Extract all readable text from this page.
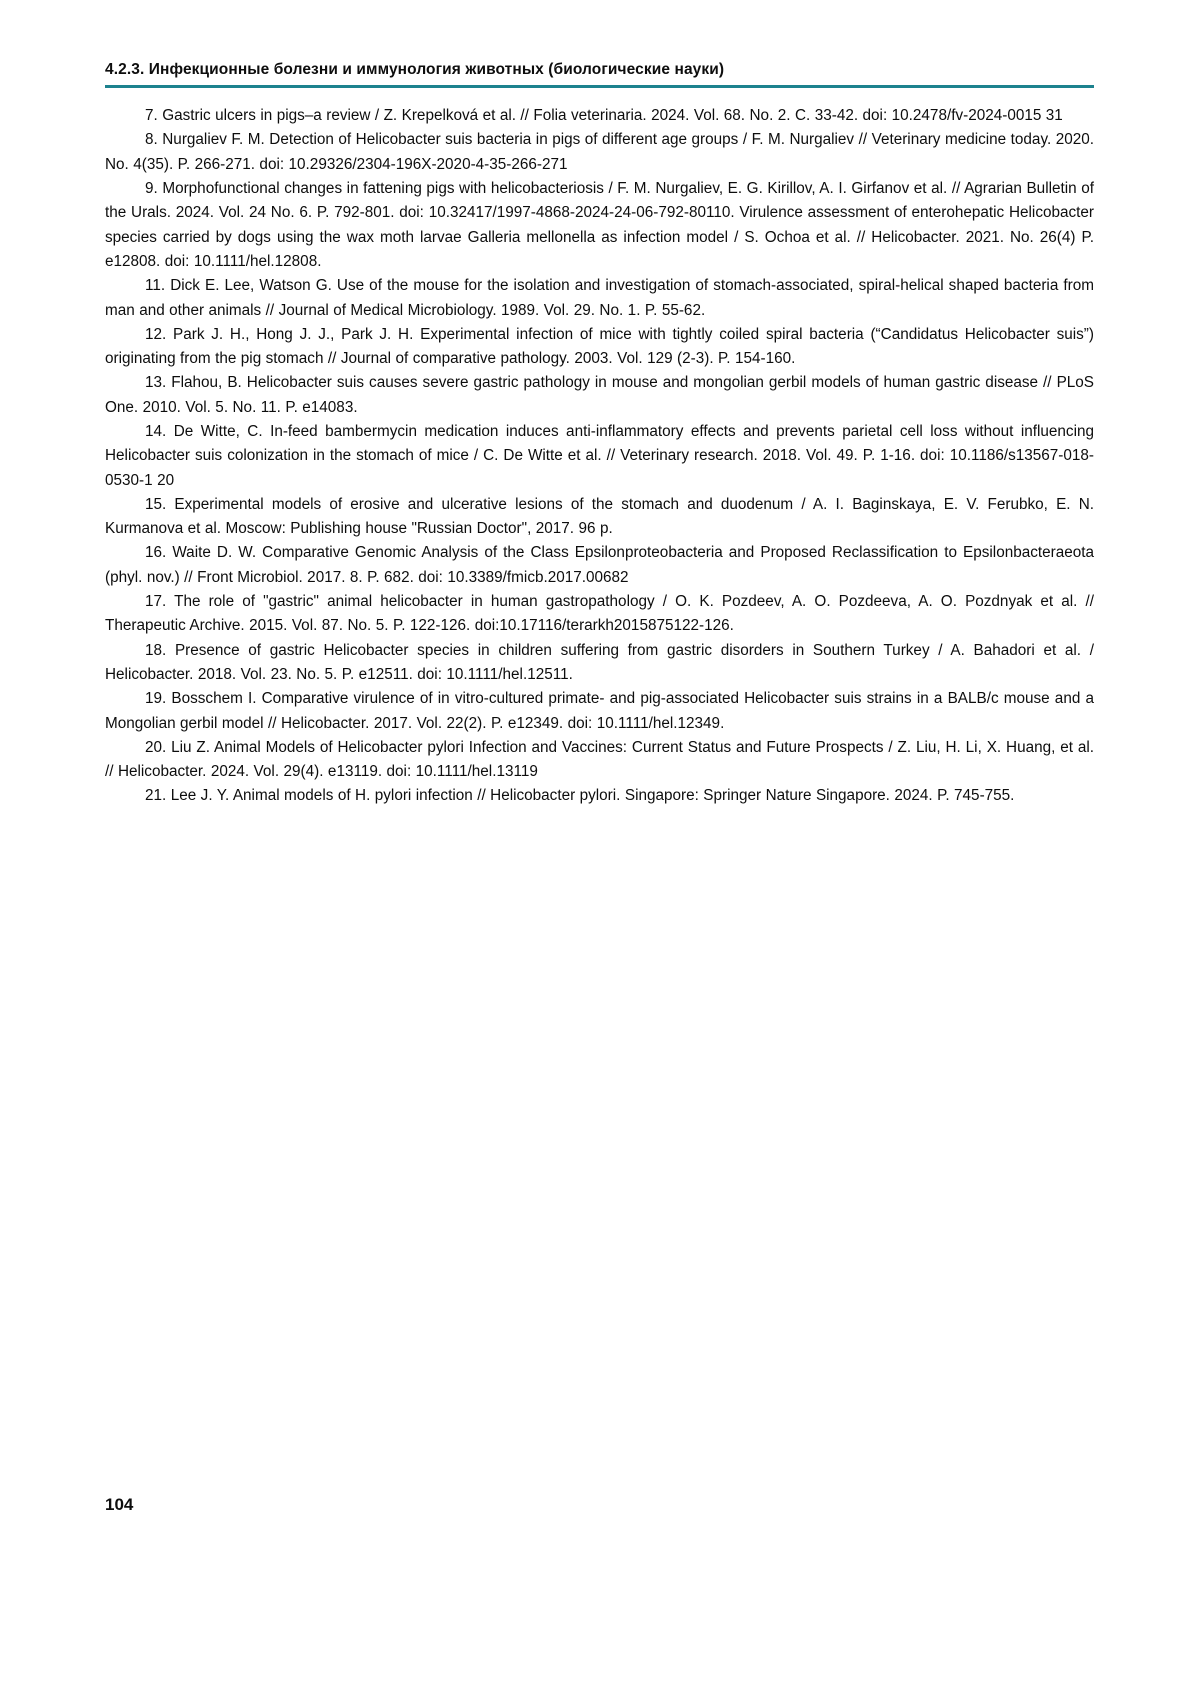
4.2.3. Инфекционные болезни и иммунология животных (биологические науки)

7. Gastric ulcers in pigs–a review / Z. Krepelková et al. // Folia veterinaria. 2024. Vol. 68. No. 2. C. 33-42. doi: 10.2478/fv-2024-0015 31

8. Nurgaliev F. M. Detection of Helicobacter suis bacteria in pigs of different age groups / F. M. Nurgaliev // Veterinary medicine today. 2020. No. 4(35). P. 266-271. doi: 10.29326/2304-196X-2020-4-35-266-271

9. Morphofunctional changes in fattening pigs with helicobacteriosis / F. M. Nurgaliev, E. G. Kirillov, A. I. Girfanov et al. // Agrarian Bulletin of the Urals. 2024. Vol. 24 No. 6. P. 792-801. doi: 10.32417/1997-4868-2024-24-06-792-80110. Virulence assessment of enterohepatic Helicobacter species carried by dogs using the wax moth larvae Galleria mellonella as infection model / S. Ochoa et al. // Helicobacter. 2021. No. 26(4) P. e12808. doi: 10.1111/hel.12808.

11. Dick E. Lee, Watson G. Use of the mouse for the isolation and investigation of stomach-associated, spiral-helical shaped bacteria from man and other animals // Journal of Medical Microbiology. 1989. Vol. 29. No. 1. P. 55-62.

12. Park J. H., Hong J. J., Park J. H. Experimental infection of mice with tightly coiled spiral bacteria (“Candidatus Helicobacter suis”) originating from the pig stomach // Journal of comparative pathology. 2003. Vol. 129 (2-3). P. 154-160.

13. Flahou, B. Helicobacter suis causes severe gastric pathology in mouse and mongolian gerbil models of human gastric disease // PLoS One. 2010. Vol. 5. No. 11. P. e14083.

14. De Witte, C. In-feed bambermycin medication induces anti-inflammatory effects and prevents parietal cell loss without influencing Helicobacter suis colonization in the stomach of mice / C. De Witte et al. // Veterinary research. 2018. Vol. 49. P. 1-16. doi: 10.1186/s13567-018-0530-1 20

15. Experimental models of erosive and ulcerative lesions of the stomach and duodenum / A. I. Baginskaya, E. V. Ferubko, E. N. Kurmanova et al. Moscow: Publishing house "Russian Doctor", 2017. 96 p.

16. Waite D. W. Comparative Genomic Analysis of the Class Epsilonproteobacteria and Proposed Reclassification to Epsilonbacteraeota (phyl. nov.) // Front Microbiol. 2017. 8. P. 682. doi: 10.3389/fmicb.2017.00682

17. The role of "gastric" animal helicobacter in human gastropathology / O. K. Pozdeev, A. O. Pozdeeva, A. O. Pozdnyak et al. // Therapeutic Archive. 2015. Vol. 87. No. 5. P. 122-126. doi:10.17116/terarkh2015875122-126.

18. Presence of gastric Helicobacter species in children suffering from gastric disorders in Southern Turkey / A. Bahadori et al. / Helicobacter. 2018. Vol. 23. No. 5. P. e12511. doi: 10.1111/hel.12511.

19. Bosschem I. Comparative virulence of in vitro-cultured primate- and pig-associated Helicobacter suis strains in a BALB/c mouse and a Mongolian gerbil model // Helicobacter. 2017. Vol. 22(2). P. e12349. doi: 10.1111/hel.12349.

20. Liu Z. Animal Models of Helicobacter pylori Infection and Vaccines: Current Status and Future Prospects / Z. Liu, H. Li, X. Huang, et al. // Helicobacter. 2024. Vol. 29(4). e13119. doi: 10.1111/hel.13119

21. Lee J. Y. Animal models of H. pylori infection // Helicobacter pylori. Singapore: Springer Nature Singapore. 2024. P. 745-755.

104
